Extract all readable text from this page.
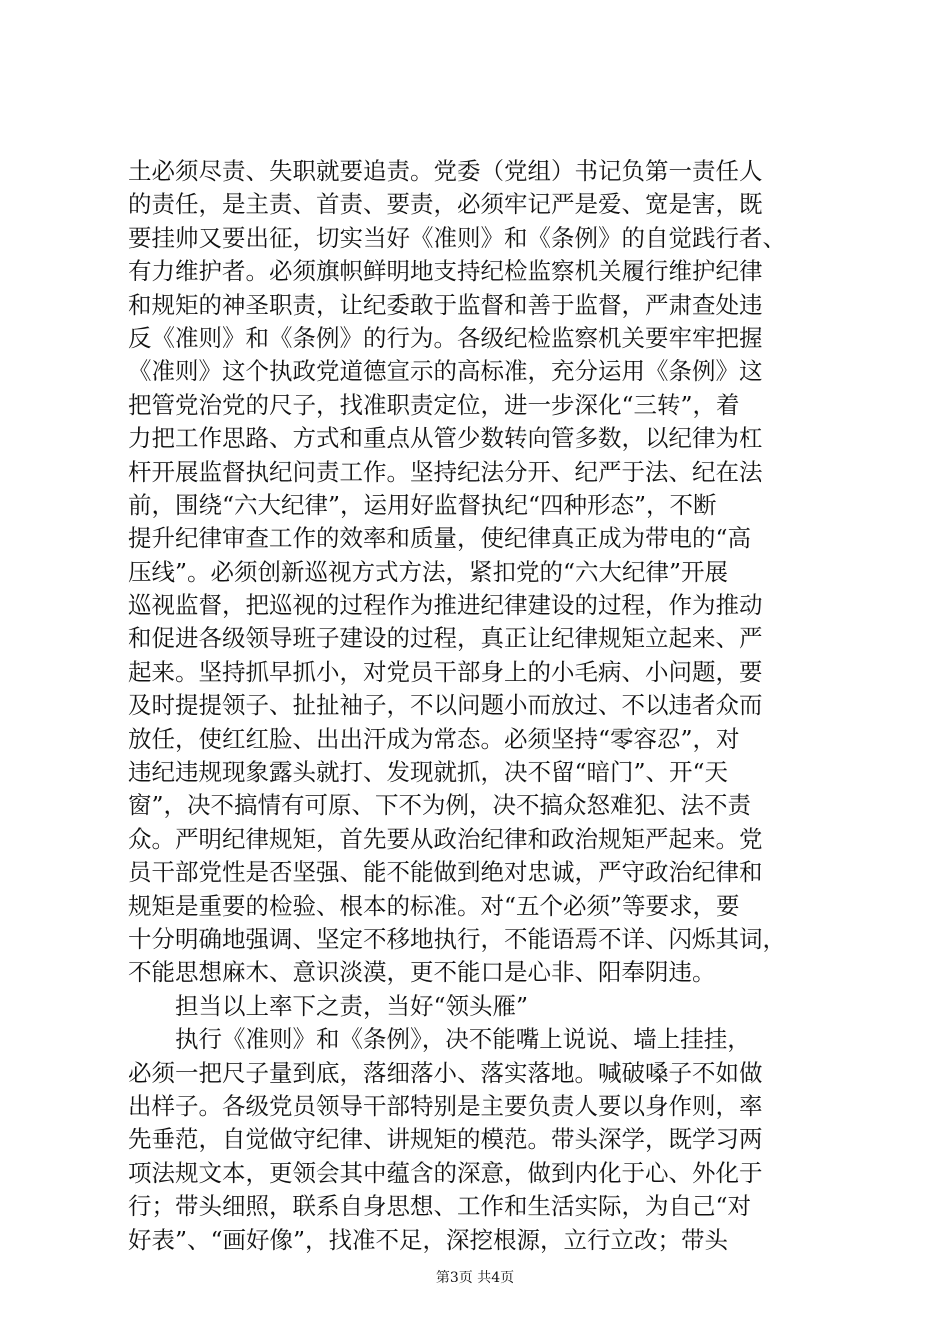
土必须尽责、失职就要追责。党委（党组）书记负第一责任人
的责任，是主责、首责、要责，必须牢记严是爱、宽是害，既
要挂帅又要出征，切实当好《准则》和《条例》的自觉践行者、
有力维护者。必须旗帜鲜明地支持纪检监察机关履行维护纪律
和规矩的神圣职责，让纪委敢于监督和善于监督，严肃查处违
反《准则》和《条例》的行为。各级纪检监察机关要牢牢把握
《准则》这个执政党道德宣示的高标准，充分运用《条例》这
把管党治党的尺子，找准职责定位，进一步深化“三转”，着
力把工作思路、方式和重点从管少数转向管多数，以纪律为杠
杆开展监督执纪问责工作。坚持纪法分开、纪严于法、纪在法
前，围绕“六大纪律”，运用好监督执纪“四种形态”，不断
提升纪律审查工作的效率和质量，使纪律真正成为带电的“高
压线”。必须创新巡视方式方法，紧扣党的“六大纪律”开展
巡视监督，把巡视的过程作为推进纪律建设的过程，作为推动
和促进各级领导班子建设的过程，真正让纪律规矩立起来、严
起来。坚持抓早抓小，对党员干部身上的小毛病、小问题，要
及时提提领子、扯扯袖子，不以问题小而放过、不以违者众而
放任，使红红脸、出出汗成为常态。必须坚持“零容忍”，对
违纪违规现象露头就打、发现就抓，决不留“暗门”、开“天
窗”，决不搞情有可原、下不为例，决不搞众怒难犯、法不责
众。严明纪律规矩，首先要从政治纪律和政治规矩严起来。党
员干部党性是否坚强、能不能做到绝对忠诚，严守政治纪律和
规矩是重要的检验、根本的标准。对“五个必须”等要求，要
十分明确地强调、坚定不移地执行，不能语焉不详、闪烁其词，
不能思想麻木、意识淡漠，更不能口是心非、阳奉阴违。
　　担当以上率下之责，当好“领头雁”
　　执行《准则》和《条例》，决不能嘴上说说、墙上挂挂，
必须一把尺子量到底，落细落小、落实落地。喊破嗓子不如做
出样子。各级党员领导干部特别是主要负责人要以身作则，率
先垂范，自觉做守纪律、讲规矩的模范。带头深学，既学习两
项法规文本，更领会其中蕴含的深意，做到内化于心、外化于
行；带头细照，联系自身思想、工作和生活实际，为自己“对
好表”、“画好像”，找准不足，深挖根源，立行立改；带头
第3页 共4页
